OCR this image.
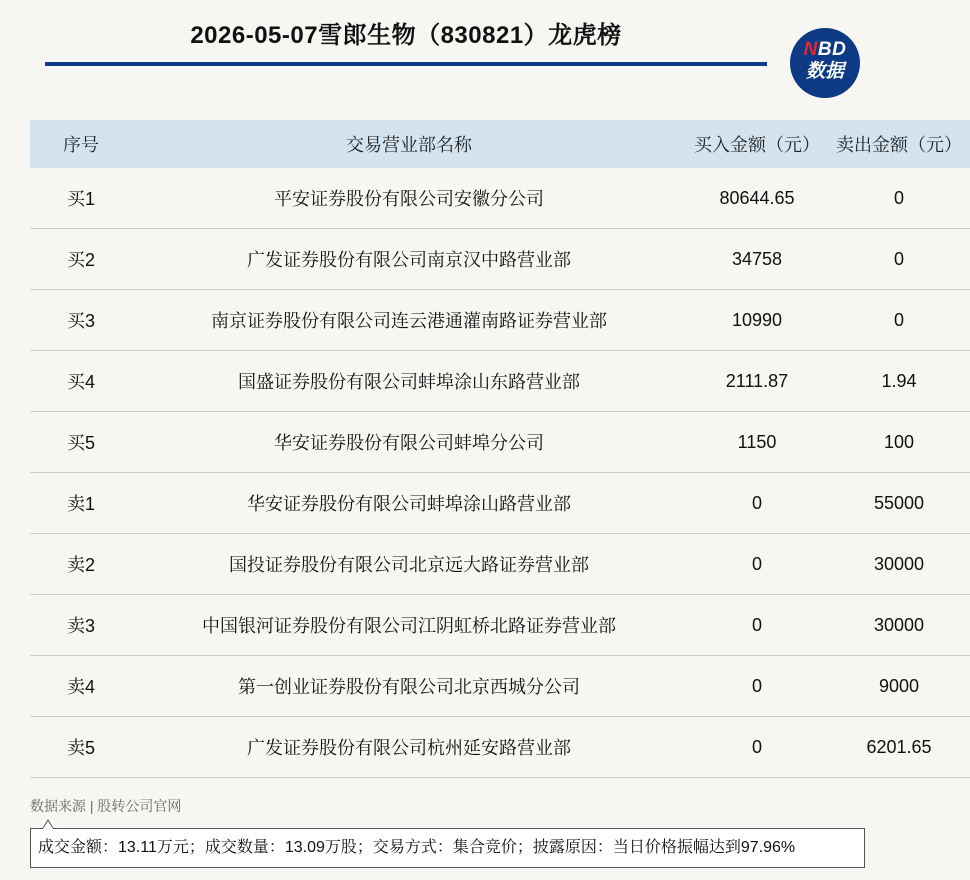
2026-05-07雪郎生物（830821）龙虎榜
NBD
数据
序号	交易营业部名称	买入金额（元）	卖出金额（元）
买1	平安证券股份有限公司安徽分公司	80644.65	0
买2	广发证券股份有限公司南京汉中路营业部	34758	0
买3	南京证券股份有限公司连云港通灌南路证券营业部	10990	0
买4	国盛证券股份有限公司蚌埠涂山东路营业部	2111.87	1.94
买5	华安证券股份有限公司蚌埠分公司	1150	100
卖1	华安证券股份有限公司蚌埠涂山路营业部	0	55000
卖2	国投证券股份有限公司北京远大路证券营业部	0	30000
卖3	中国银河证券股份有限公司江阴虹桥北路证券营业部	0	30000
卖4	第一创业证券股份有限公司北京西城分公司	0	9000
卖5	广发证券股份有限公司杭州延安路营业部	0	6201.65
数据来源 | 股转公司官网
成交金额：13.11万元；成交数量：13.09万股；交易方式：集合竞价；披露原因：当日价格振幅达到97.96%
